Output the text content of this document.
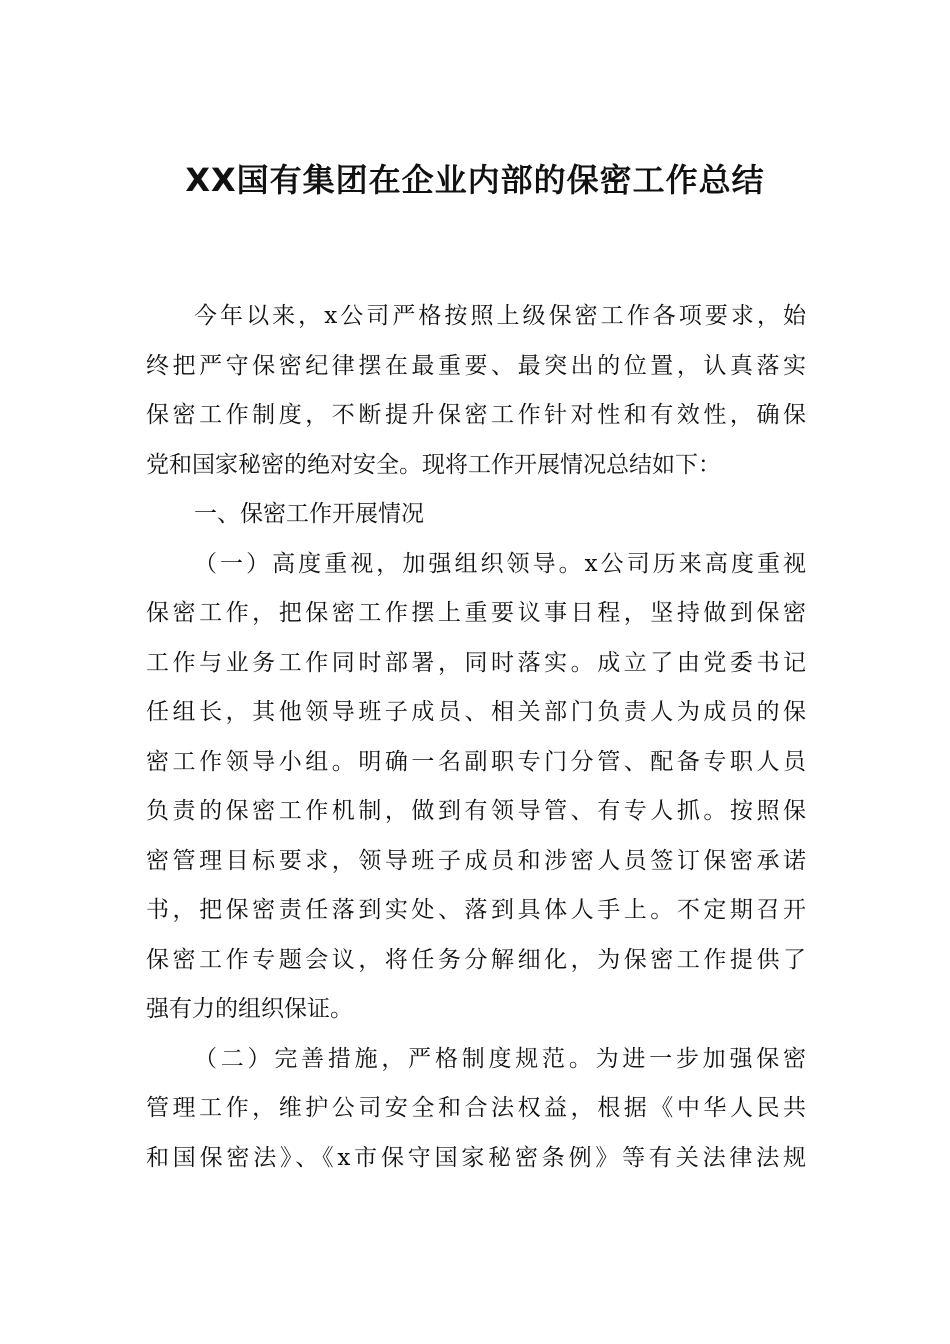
XX国有集团在企业内部的保密工作总结
今年以来，x公司严格按照上级保密工作各项要求，始
终把严守保密纪律摆在最重要、最突出的位置，认真落实
保密工作制度，不断提升保密工作针对性和有效性，确保
党和国家秘密的绝对安全。现将工作开展情况总结如下：
一、保密工作开展情况
（一）高度重视，加强组织领导。x公司历来高度重视
保密工作，把保密工作摆上重要议事日程，坚持做到保密
工作与业务工作同时部署，同时落实。成立了由党委书记
任组长，其他领导班子成员、相关部门负责人为成员的保
密工作领导小组。明确一名副职专门分管、配备专职人员
负责的保密工作机制，做到有领导管、有专人抓。按照保
密管理目标要求，领导班子成员和涉密人员签订保密承诺
书，把保密责任落到实处、落到具体人手上。不定期召开
保密工作专题会议，将任务分解细化，为保密工作提供了
强有力的组织保证。
（二）完善措施，严格制度规范。为进一步加强保密
管理工作，维护公司安全和合法权益，根据《中华人民共
和国保密法》、《x市保守国家秘密条例》等有关法律法规
